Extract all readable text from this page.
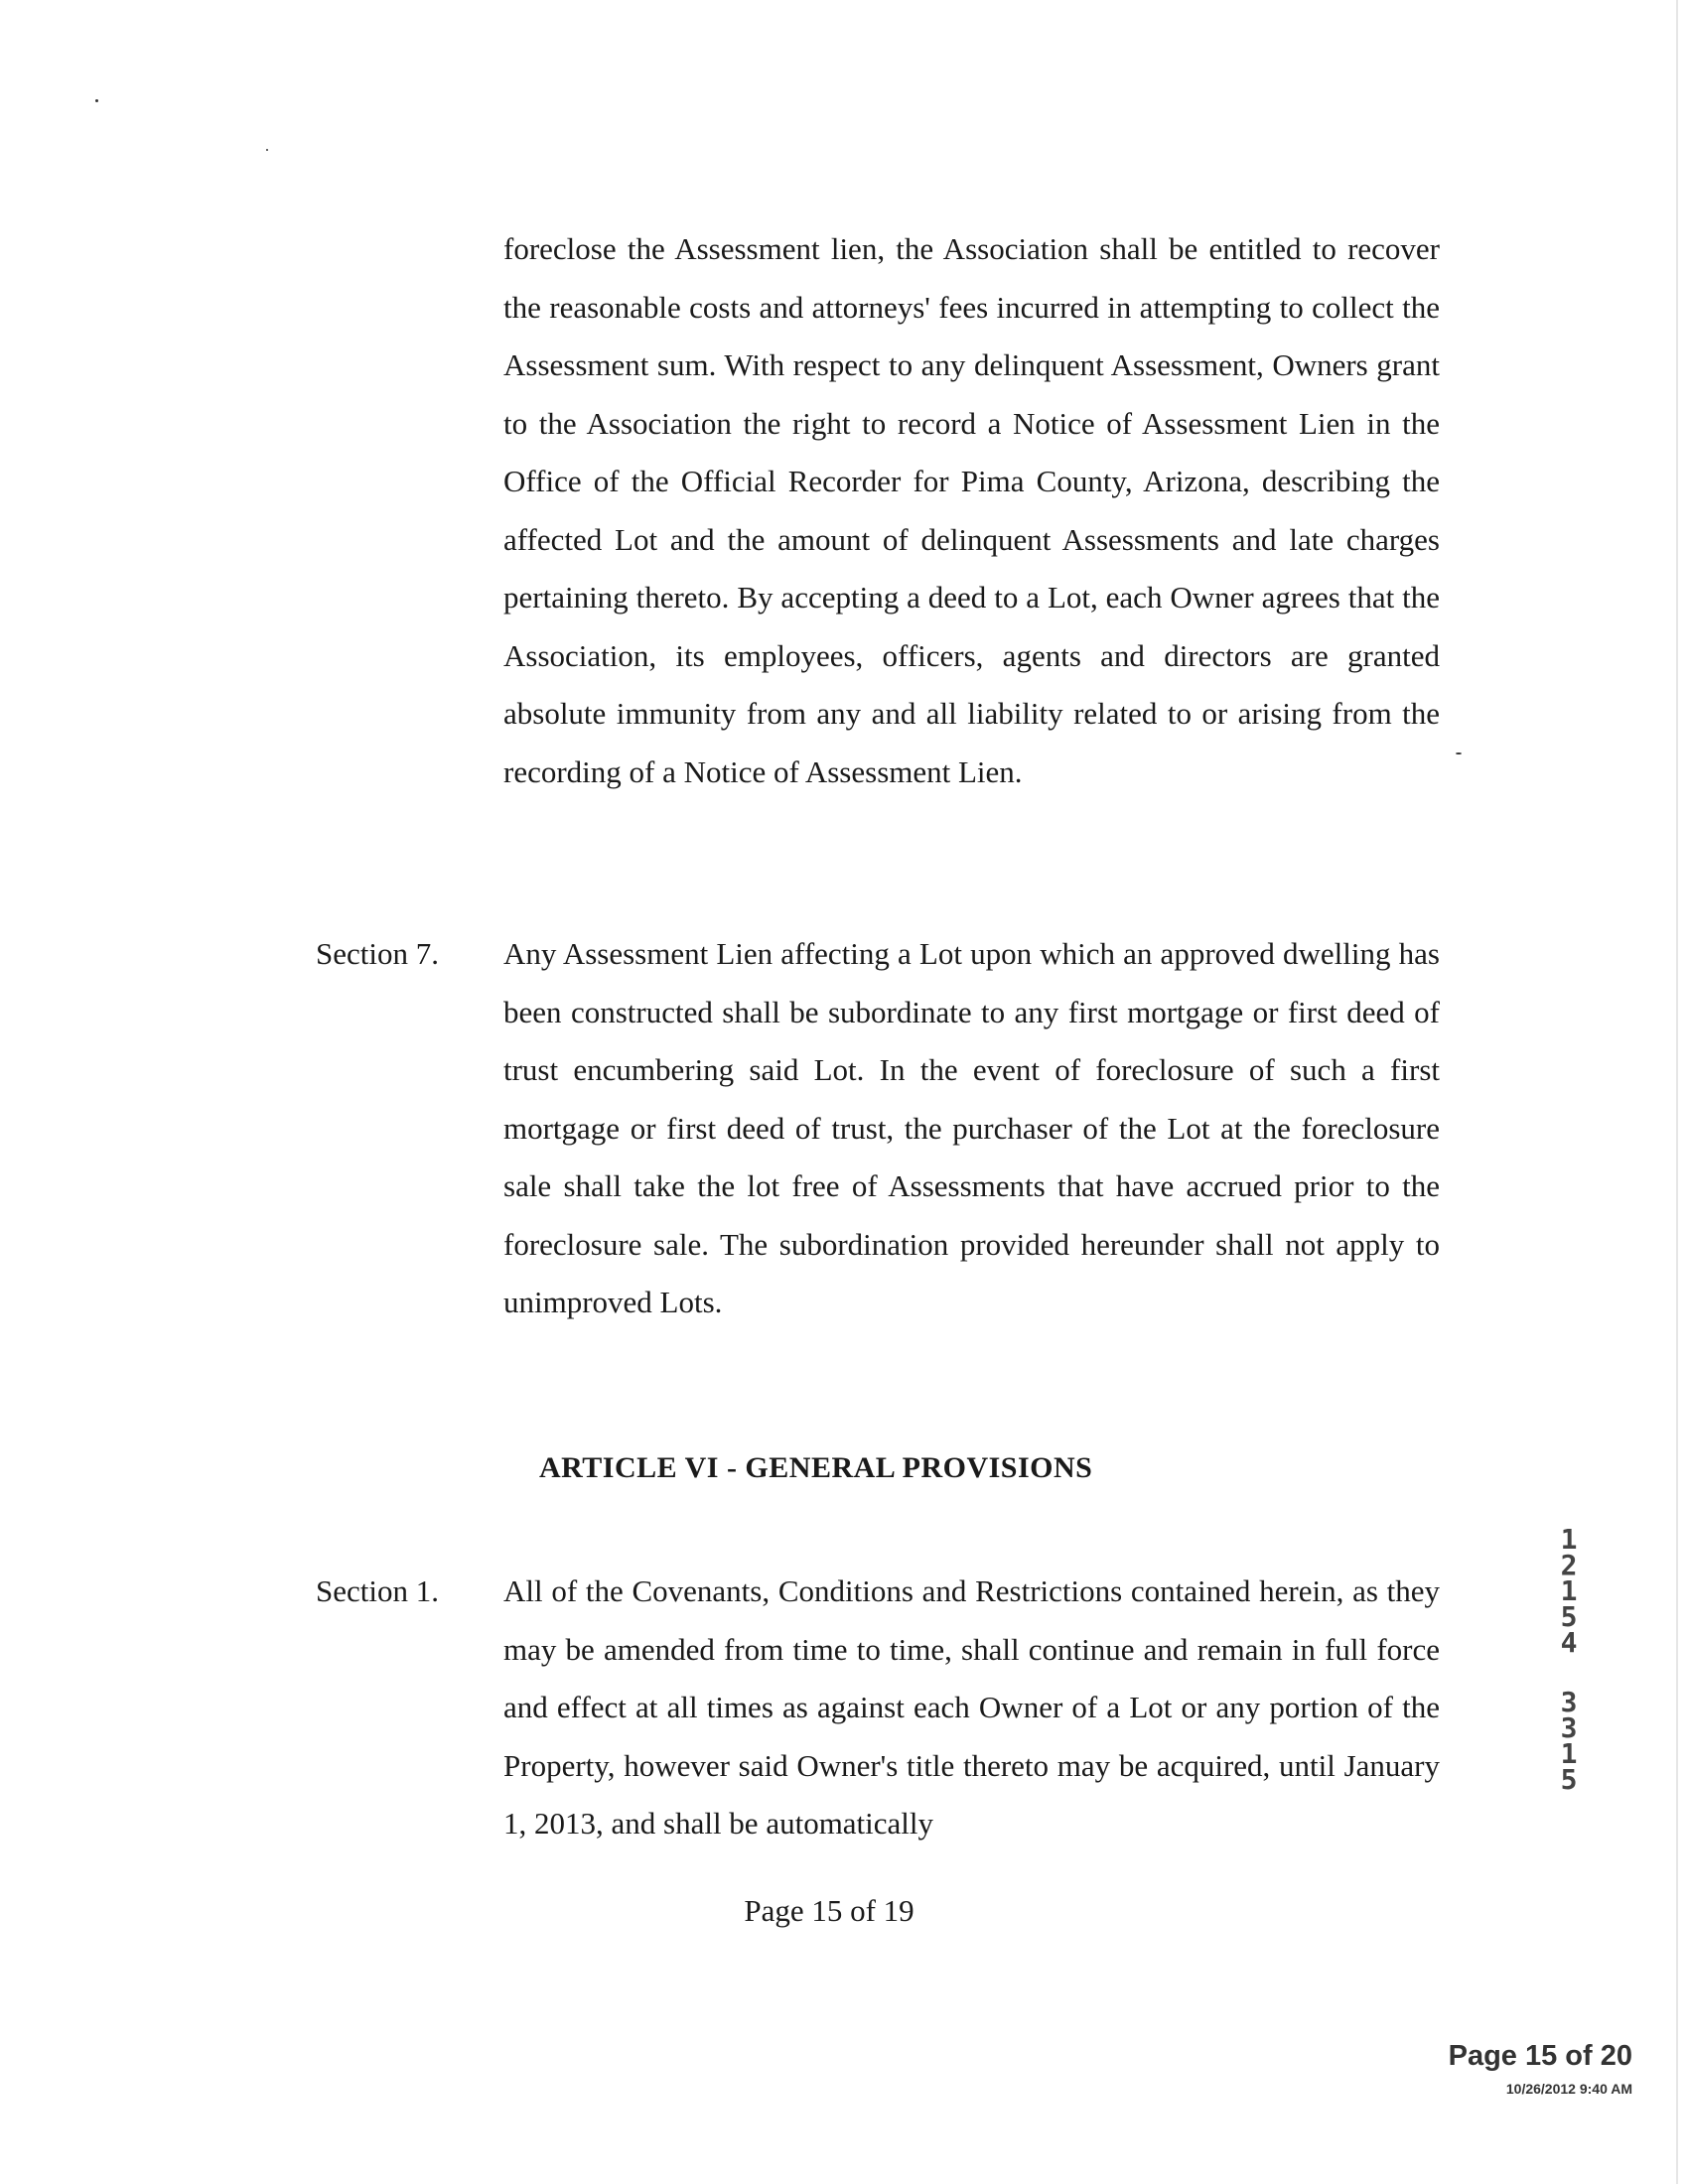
foreclose the Assessment lien, the Association shall be entitled to recover the reasonable costs and attorneys' fees incurred in attempting to collect the Assessment sum. With respect to any delinquent Assessment, Owners grant to the Association the right to record a Notice of Assessment Lien in the Office of the Official Recorder for Pima County, Arizona, describing the affected Lot and the amount of delinquent Assessments and late charges pertaining thereto. By accepting a deed to a Lot, each Owner agrees that the Association, its employees, officers, agents and directors are granted absolute immunity from any and all liability related to or arising from the recording of a Notice of Assessment Lien.

Section 7. Any Assessment Lien affecting a Lot upon which an approved dwelling has been constructed shall be subordinate to any first mortgage or first deed of trust encumbering said Lot. In the event of foreclosure of such a first mortgage or first deed of trust, the purchaser of the Lot at the foreclosure sale shall take the lot free of Assessments that have accrued prior to the foreclosure sale. The subordination provided hereunder shall not apply to unimproved Lots.

ARTICLE VI - GENERAL PROVISIONS

Section 1. All of the Covenants, Conditions and Restrictions contained herein, as they may be amended from time to time, shall continue and remain in full force and effect at all times as against each Owner of a Lot or any portion of the Property, however said Owner's title thereto may be acquired, until January 1, 2013, and shall be automatically

Page 15 of 19
1
2
1
5
4
3
3
1
5
Page 15 of 20
10/26/2012 9:40 AM
